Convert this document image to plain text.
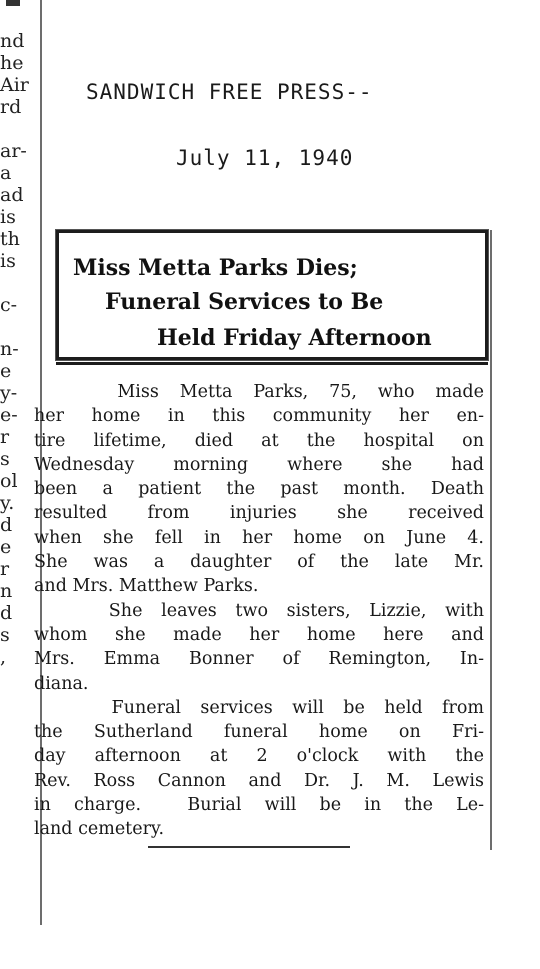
nd
he
Air
rd
ar-
a
ad
is
th
is
c-
n-
e
y-
e-
r
s
ol
y.
d
e
r
n
d
s
,
SANDWICH FREE PRESS--
July 11, 1940
Miss Metta Parks Dies;
Funeral Services to Be
Held Friday Afternoon
Miss Metta Parks, 75, who made
her home in this community her en-
tire lifetime, died at the hospital on
Wednesday morning where she had
been a patient the past month. Death
resulted from injuries she received
when she fell in her home on June 4.
She was a daughter of the late Mr.
and Mrs. Matthew Parks.
She leaves two sisters, Lizzie, with
whom she made her home here and
Mrs. Emma Bonner of Remington, In-
diana.
Funeral services will be held from
the Sutherland funeral home on Fri-
day afternoon at 2 o'clock with the
Rev. Ross Cannon and Dr. J. M. Lewis
in charge.  Burial will be in the Le-
land cemetery.
